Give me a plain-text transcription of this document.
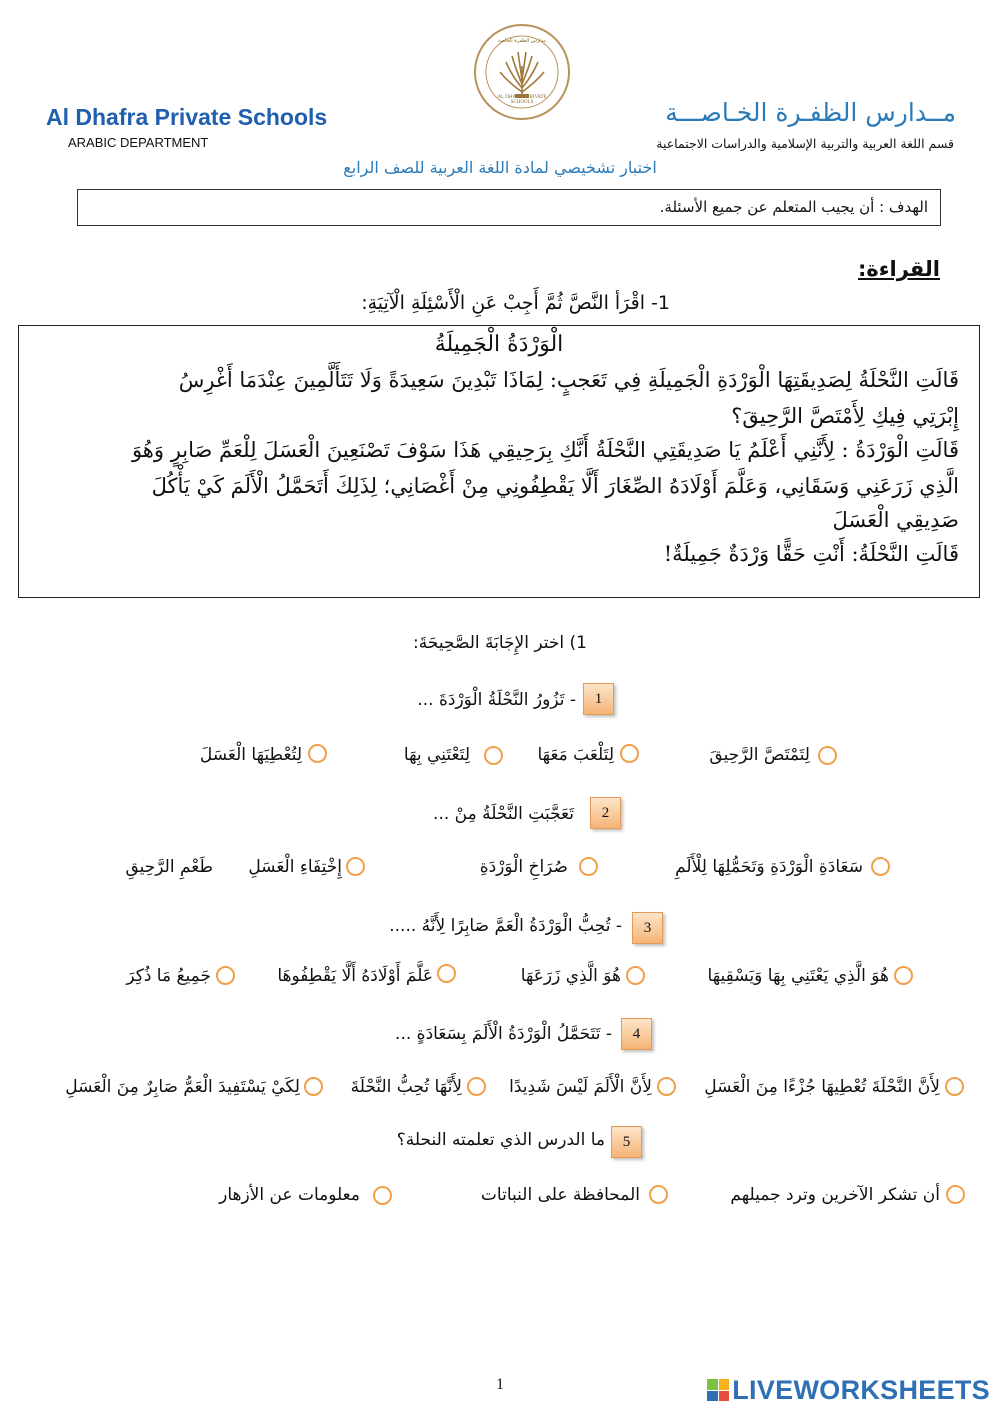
AL DHAFRA PRIVATE SCHOOLS
مدارس الظفرة الخاصة
Al Dhafra Private Schools
ARABIC DEPARTMENT
مــدارس الظفـرة الخـاصـــة
قسم اللغة العربية والتربية الإسلامية والدراسات الاجتماعية
اختبار تشخيصي لمادة اللغة العربية للصف الرابع
الهدف : أن يجيب المتعلم عن جميع الأسئلة.
القراءة:
1- اقْرَأ النَّصَّ ثُمَّ أَجِبْ عَنِ الْأَسْئِلَةِ الْآتِيَةِ:
الْوَرْدَةُ الْجَمِيلَةُ
قَالَتِ النَّحْلَةُ لِصَدِيقَتِهَا الْوَرْدَةِ الْجَمِيلَةِ فِي تَعَجبٍ: لِمَاذَا تَبْدِينَ سَعِيدَةً وَلَا تَتَأَلَّمِينَ عِنْدَمَا أَغْرِسُ
إِبْرَتِي فِيكِ لِأَمْتَصَّ الرَّحِيقَ؟
قَالَتِ الْوَرْدَةُ : لِأَنَّنِي أَعْلَمُ يَا صَدِيقَتِي النَّحْلَةُ أَنَّكِ بِرَحِيقِي هَذَا سَوْفَ تَصْنَعِينَ الْعَسَلَ لِلْعَمِّ صَابِرٍ وَهُوَ
الَّذِي زَرَعَنِي وَسَقَانِي، وَعَلَّمَ أَوْلَادَهُ الصِّغَارَ أَلَّا يَقْطِفُونِي مِنْ أَغْصَانِي؛ لِذَلِكَ أَتَحَمَّلُ الْأَلَمَ كَيْ يَأْكُلَ
صَدِيقِي الْعَسَلَ
قَالَتِ النَّحْلَةُ: أَنْتِ حَقًّا وَرْدَةٌ جَمِيلَةٌ!
1) اختر الإِجَابَةَ الصَّحِيحَةَ:
1
- تَزُورُ النَّحْلَةُ الْوَرْدَةَ ...
لِتَمْتَصَّ الرَّحِيقَ
لِتَلْعَبَ مَعَهَا
لِتَعْتَنِي بِهَا
لِتُعْطِيَهَا الْعَسَلَ
2
تَعَجَّبَتِ النَّحْلَةُ مِنْ ...
سَعَادَةِ الْوَرْدَةِ وَتَحَمُّلِهَا لِلْأَلَمِ
صُرَاخِ الْوَرْدَةِ
إِخْتِفَاءِ الْعَسَلِ
طَعْمِ الرَّحِيقِ
3
- تُحِبُّ الْوَرْدَةُ الْعَمَّ صَابِرًا لِأَنَّهُ .....
هُوَ الَّذِي يَعْتَنِي بِهَا وَيَسْقِيهَا
هُوَ الَّذِي زَرَعَهَا
عَلَّمَ أَوْلَادَهُ أَلَّا يَقْطِفُوهَا
جَمِيعُ مَا ذُكِرَ
4
- تَتَحَمَّلُ الْوَرْدَةُ الْأَلَمَ بِسَعَادَةٍ ...
لِأَنَّ النَّحْلَةَ تُعْطِيهَا جُزْءًا مِنَ الْعَسَلِ
لِأَنَّ الْأَلَمَ لَيْسَ شَدِيدًا
لِأَنَّهَا تُحِبُّ النَّحْلَةَ
لِكَيْ يَسْتَفِيدَ الْعَمُّ صَابِرٌ مِنَ الْعَسَلِ
5
ما الدرس الذي تعلمته النحلة؟
أن تشكر الآخرين وترد جميلهم
المحافظة على النباتات
معلومات عن الأزهار
1	LIVEWORKSHEETS
